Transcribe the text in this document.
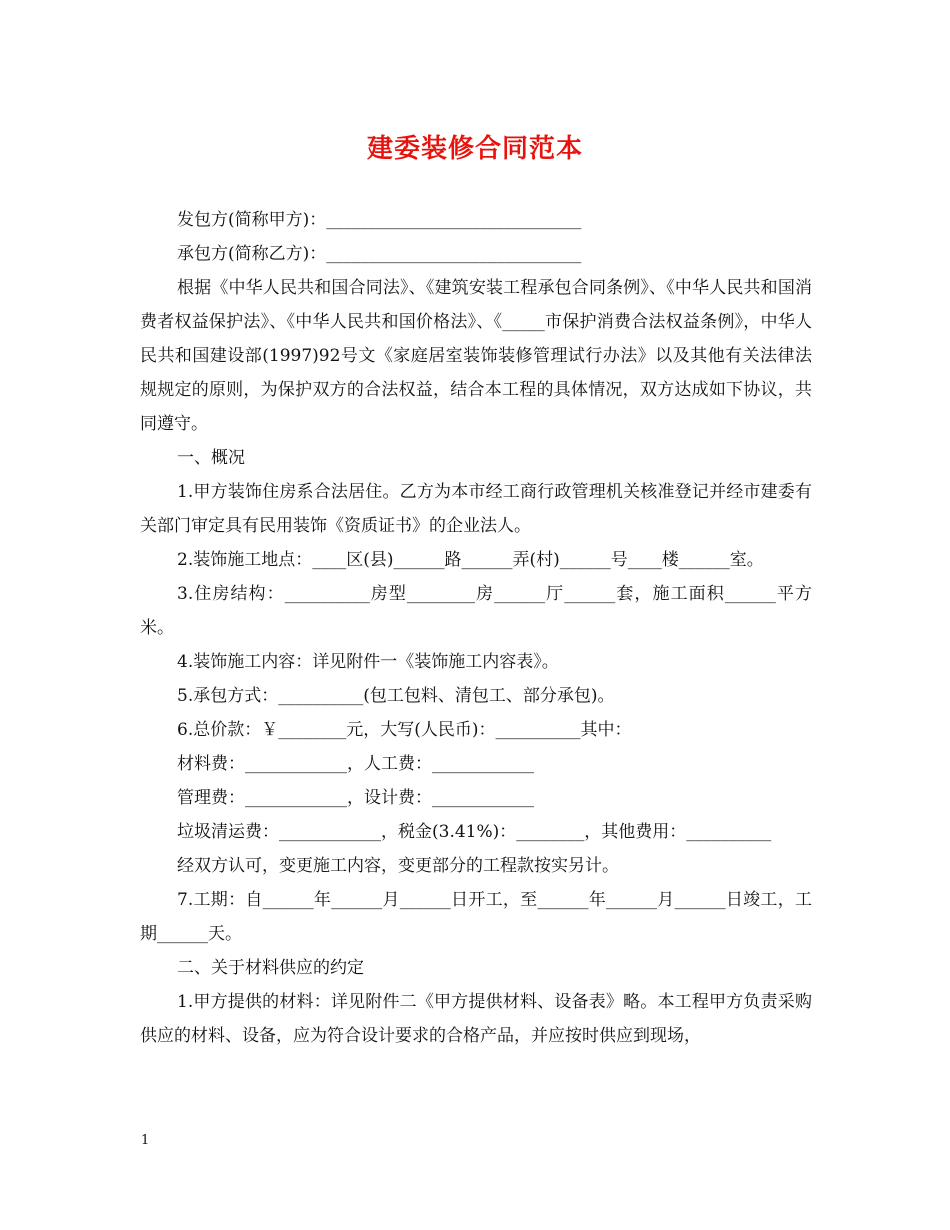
建委装修合同范本

发包方(简称甲方)：______________________________

承包方(简称乙方)：______________________________

根据《中华人民共和国合同法》、《建筑安装工程承包合同条例》、《中华人民共和国消费者权益保护法》、《中华人民共和国价格法》、《_____市保护消费合法权益条例》，中华人民共和国建设部(1997)92号文《家庭居室装饰装修管理试行办法》以及其他有关法律法规规定的原则，为保护双方的合法权益，结合本工程的具体情况，双方达成如下协议，共同遵守。

一、概况

1.甲方装饰住房系合法居住。乙方为本市经工商行政管理机关核准登记并经市建委有关部门审定具有民用装饰《资质证书》的企业法人。

2.装饰施工地点：____区(县)______路______弄(村)______号____楼______室。

3.住房结构：__________房型________房______厅______套，施工面积______平方米。

4.装饰施工内容：详见附件一《装饰施工内容表》。

5.承包方式：__________(包工包料、清包工、部分承包)。

6.总价款：￥________元，大写(人民币)：__________其中：

材料费：____________，人工费：____________

管理费：____________，设计费：____________

垃圾清运费：____________，税金(3.41%)：________，其他费用：__________

经双方认可，变更施工内容，变更部分的工程款按实另计。

7.工期：自______年______月______日开工，至______年______月______日竣工，工期______天。

二、关于材料供应的约定

1.甲方提供的材料：详见附件二《甲方提供材料、设备表》略。本工程甲方负责采购供应的材料、设备，应为符合设计要求的合格产品，并应按时供应到现场，

1
